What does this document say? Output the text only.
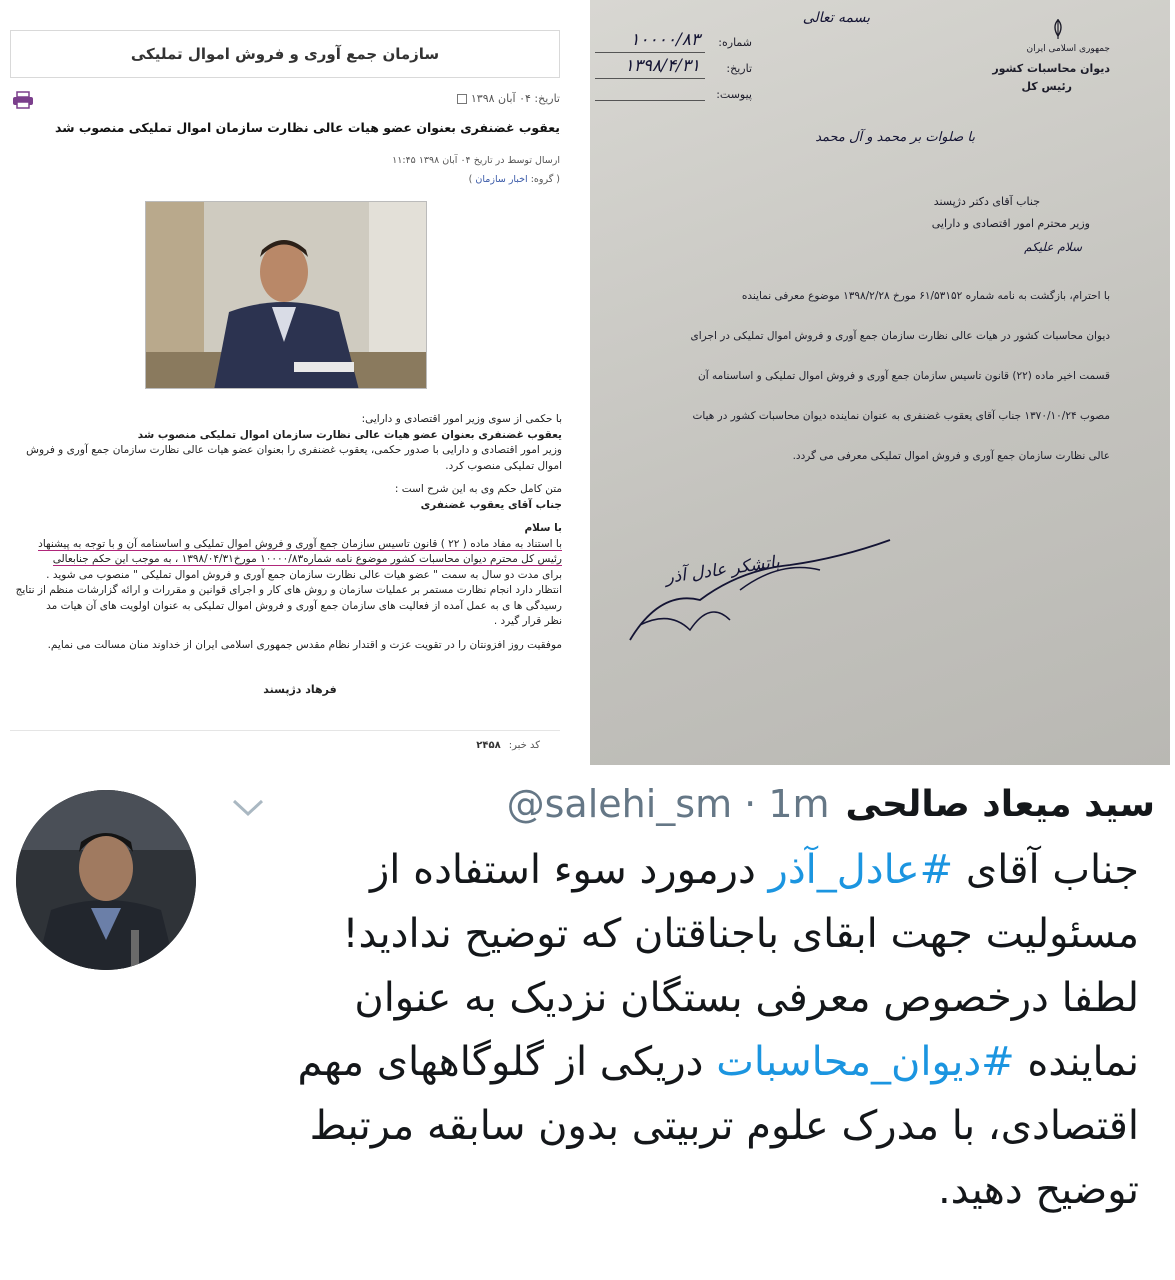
سازمان جمع آوری و فروش اموال تملیکی
تاریخ: ۰۴ آبان ۱۳۹۸
یعقوب غضنفری بعنوان عضو هیات عالی نظارت سازمان اموال تملیکی منصوب شد
ارسال توسط در تاریخ ۰۴ آبان ۱۳۹۸ ۱۱:۴۵
( گروه: اخبار سازمان )

با حکمی از سوی وزیر امور اقتصادی و دارایی:

یعقوب غضنفری بعنوان عضو هیات عالی نظارت سازمان اموال تملیکی منصوب شد

وزیر امور اقتصادی و دارایی با صدور حکمی، یعقوب غضنفری را بعنوان عضو هیات عالی نظارت سازمان جمع آوری و فروش

اموال تملیکی منصوب کرد.

متن کامل حکم وی به این شرح است :

جناب آقای یعقوب غضنفری

با سلام

با استناد به مفاد ماده ( ۲۲ ) قانون تاسیس سازمان جمع آوری و فروش اموال تملیکی و اساسنامه آن و با توجه به پیشنهاد

رئیس کل محترم دیوان محاسبات کشور موضوع نامه شماره۱۰۰۰۰/۸۳ مورخ۱۳۹۸/۰۴/۳۱ ، به موجب این حکم جنابعالی

برای مدت دو سال به سمت " عضو هیات عالی نظارت سازمان جمع آوری و فروش اموال تملیکی " منصوب می شوید .

انتظار دارد انجام نظارت مستمر بر عملیات سازمان و روش های کار و اجرای قوانین و مقررات و ارائه گزارشات منظم از نتایج

رسیدگی ها ی به عمل آمده از فعالیت های سازمان جمع آوری و فروش اموال تملیکی به عنوان اولویت های آن هیات مد

نظر قرار گیرد .

موفقیت روز افزونتان را در تقویت عزت و اقتدار نظام مقدس جمهوری اسلامی ایران از خداوند منان مسالت می نمایم.

فرهاد دژپسند
کد خبر:
۲۴۵۸
بسمه تعالی
جمهوری اسلامی ایران
دیوان محاسبات کشور
رئیس کل
شماره:
۱۰۰۰۰/۸۳
تاریخ:
۱۳۹۸/۴/۳۱
پیوست:
با صلوات بر محمد و آل محمد
جناب آقای دکتر دژپسند
وزیر محترم امور اقتصادی و دارایی
سلام علیکم
با احترام، بازگشت به نامه شماره ۶۱/۵۳۱۵۲ مورخ ۱۳۹۸/۲/۲۸ موضوع معرفی نماینده
دیوان محاسبات کشور در هیات عالی نظارت سازمان جمع آوری و فروش اموال تملیکی در اجرای
قسمت اخیر ماده (۲۲) قانون تاسیس سازمان جمع آوری و فروش اموال تملیکی و اساسنامه آن
مصوب ۱۳۷۰/۱۰/۲۴ جناب آقای یعقوب غضنفری به عنوان نماینده دیوان محاسبات کشور در هیات
عالی نظارت سازمان جمع آوری و فروش اموال تملیکی معرفی می گردد.
باتشکر عادل آذر
سید میعاد صالحی
@salehi_sm · 1m
جناب آقای #عادل_آذر درمورد سوء استفاده از
مسئولیت جهت ابقای باجناقتان که توضیح ندادید!
لطفا درخصوص معرفی بستگان نزدیک به عنوان
نماینده #دیوان_محاسبات دریکی از گلوگاههای مهم
اقتصادی، با مدرک علوم تربیتی بدون سابقه مرتبط
توضیح دهید.
